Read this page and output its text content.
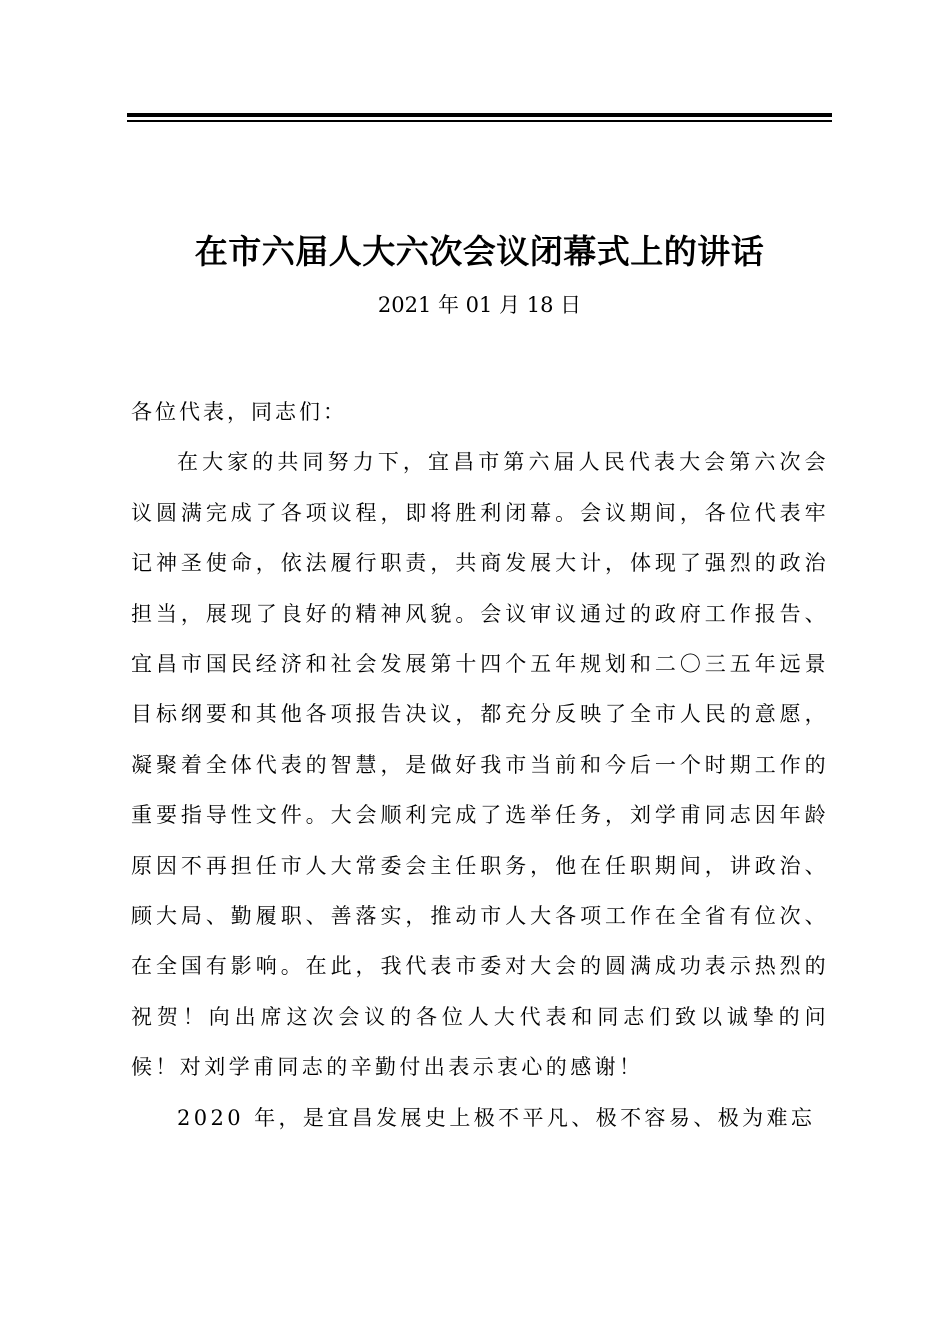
在市六届人大六次会议闭幕式上的讲话
2021 年 01 月 18 日

各位代表，同志们：

在大家的共同努力下，宜昌市第六届人民代表大会第六次会议圆满完成了各项议程，即将胜利闭幕。会议期间，各位代表牢记神圣使命，依法履行职责，共商发展大计，体现了强烈的政治担当，展现了良好的精神风貌。会议审议通过的政府工作报告、宜昌市国民经济和社会发展第十四个五年规划和二〇三五年远景目标纲要和其他各项报告决议，都充分反映了全市人民的意愿，凝聚着全体代表的智慧，是做好我市当前和今后一个时期工作的重要指导性文件。大会顺利完成了选举任务，刘学甫同志因年龄原因不再担任市人大常委会主任职务，他在任职期间，讲政治、顾大局、勤履职、善落实，推动市人大各项工作在全省有位次、在全国有影响。在此，我代表市委对大会的圆满成功表示热烈的祝贺！向出席这次会议的各位人大代表和同志们致以诚挚的问候！对刘学甫同志的辛勤付出表示衷心的感谢！

2020 年，是宜昌发展史上极不平凡、极不容易、极为难忘
